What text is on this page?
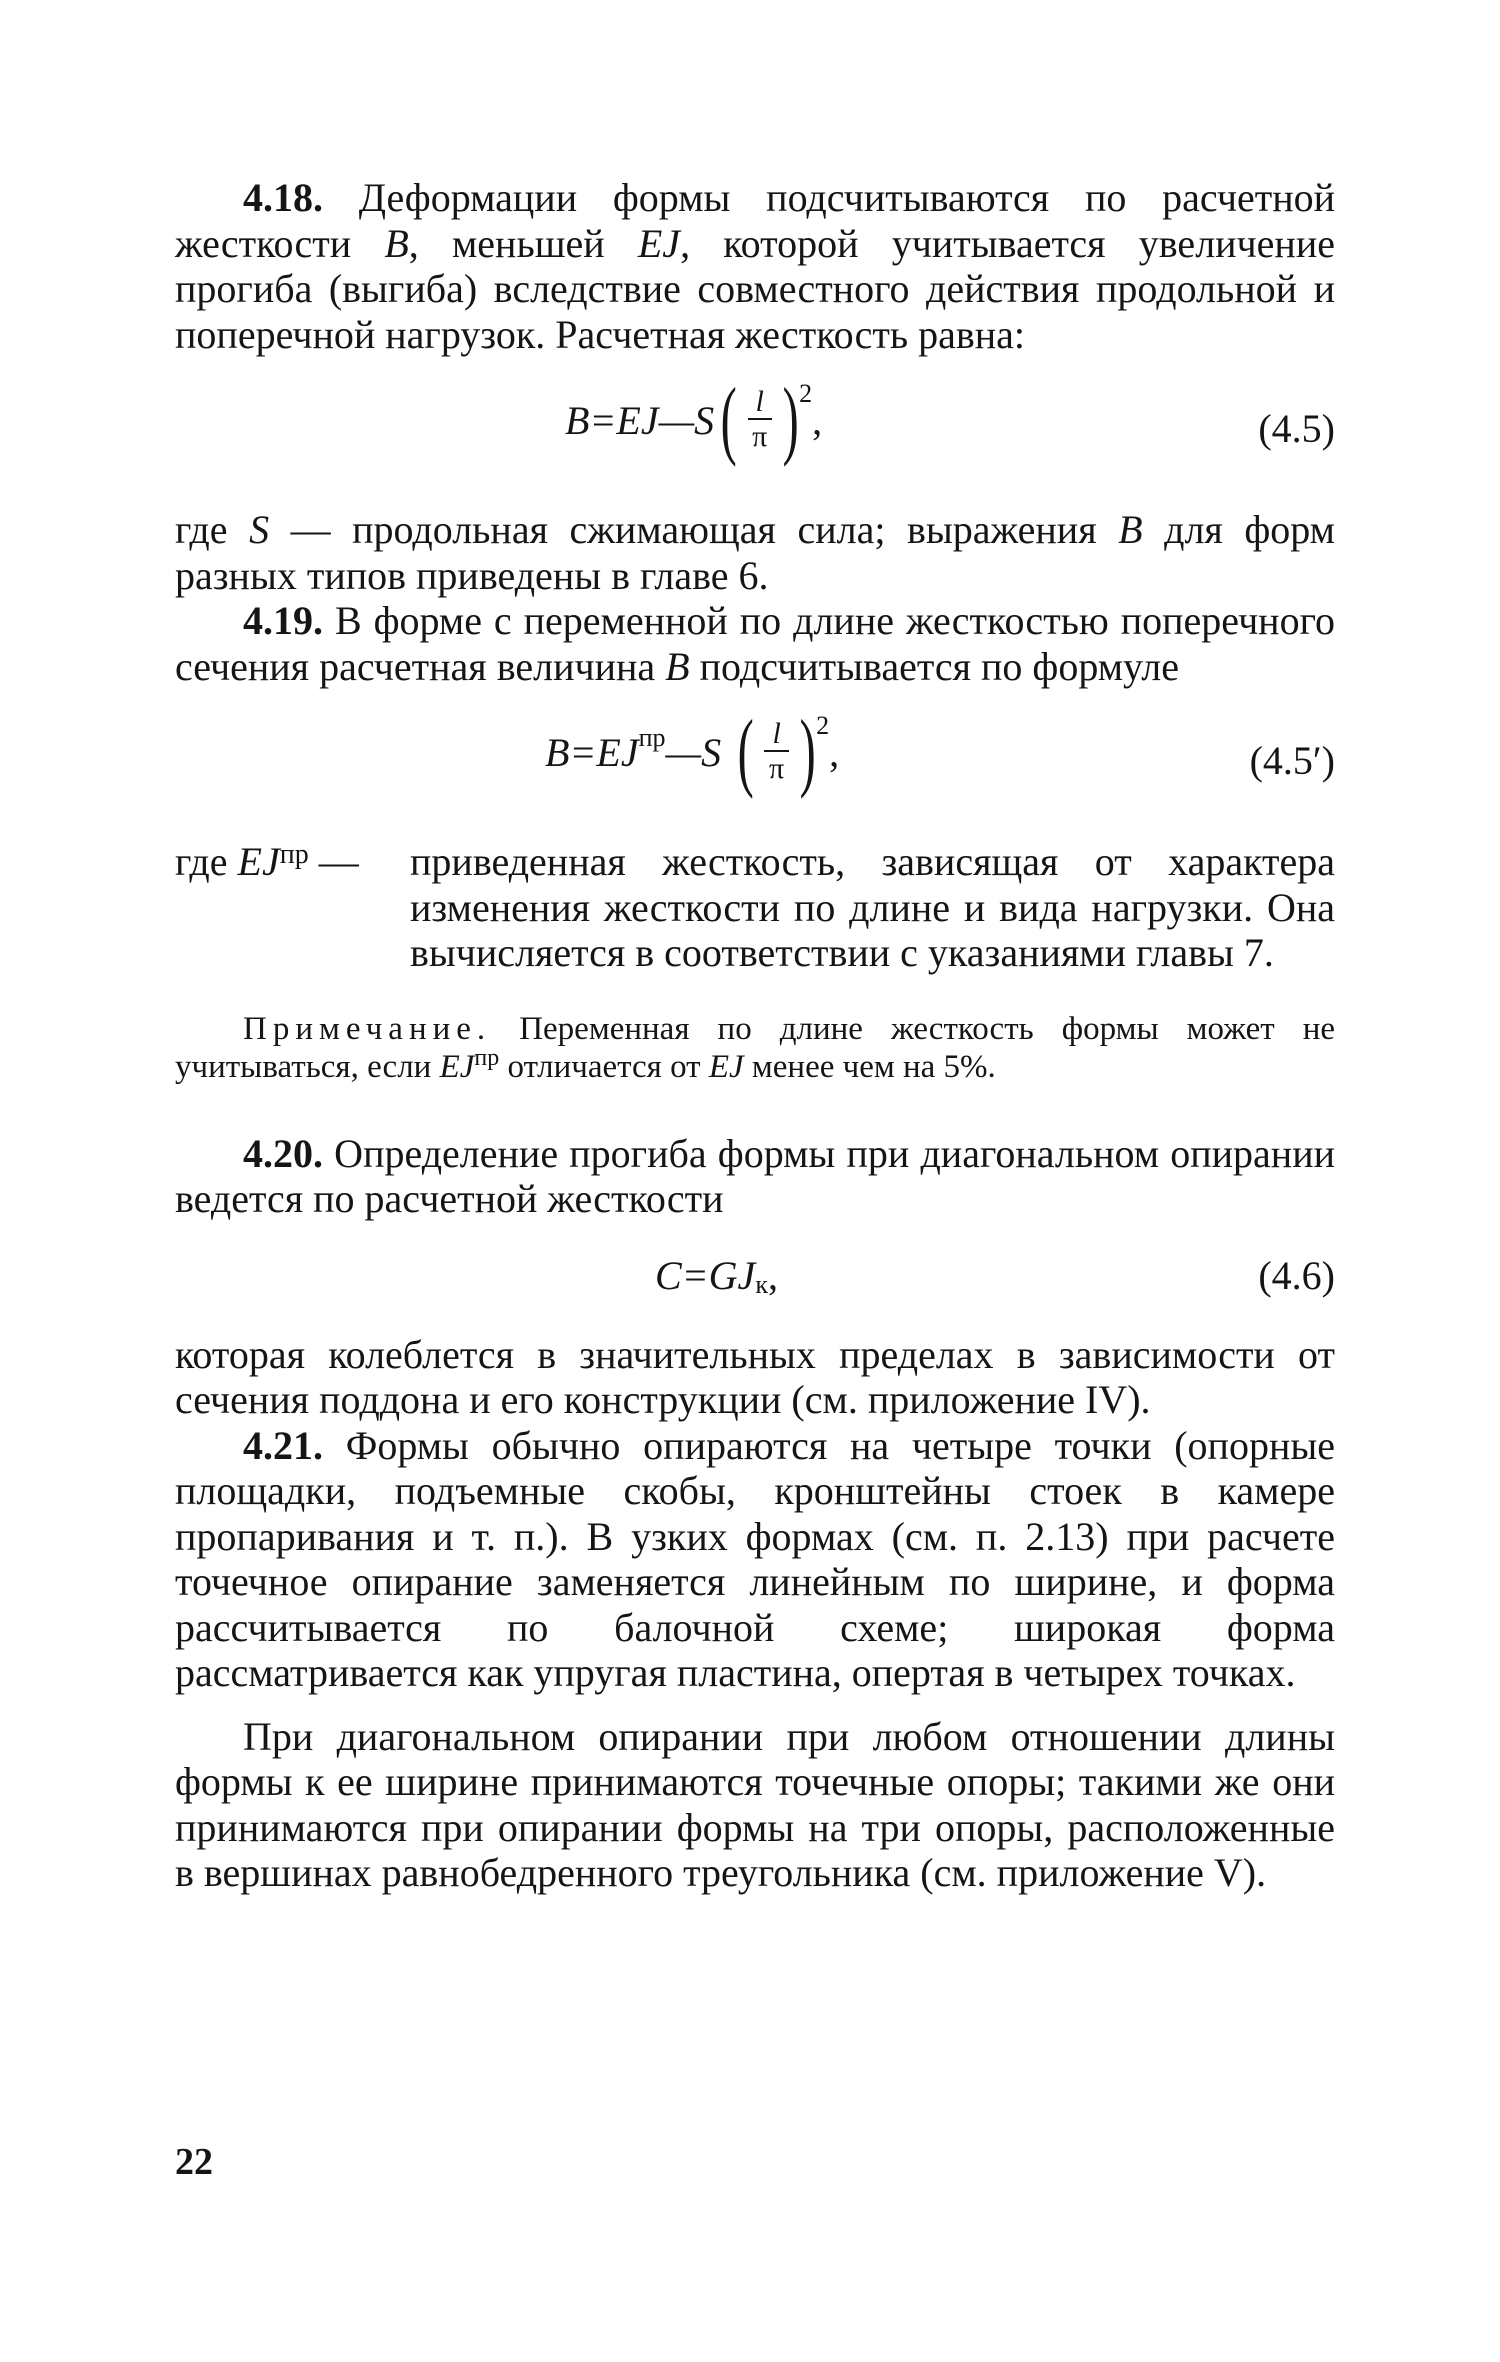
4.18. Деформации формы подсчитываются по расчетной жесткости B, меньшей EJ, которой учитывается увеличение прогиба (выгиба) вследствие совместного действия продольной и поперечной нагрузок. Расчетная жесткость равна:

B=EJ—S ( $\frac{l}{\pi}$ ) 2
,	(4.5)

где S — продольная сжимающая сила; выражения B для форм разных типов приведены в главе 6.

4.19. В форме с переменной по длине жесткостью поперечного сечения расчетная величина B подсчитывается по формуле

B=EJ пр —S ( $\frac{l}{\pi}$ ) 2
,	(4.5′)
где $EJ^{пр}$ — приведенная жесткость, зависящая от характера изменения жесткости по длине и вида нагрузки. Она вычисляется в соответствии с указаниями главы 7.

Примечание. Переменная по длине жесткость формы может не учитываться, если $EJ^{пр}$ отличается от EJ менее чем на 5%.

4.20. Определение прогиба формы при диагональном опирании ведется по расчетной жесткости

C=GJ к ,	(4.6)

которая колеблется в значительных пределах в зависимости от сечения поддона и его конструкции (см. приложение IV).

4.21. Формы обычно опираются на четыре точки (опорные площадки, подъемные скобы, кронштейны стоек в камере пропаривания и т. п.). В узких формах (см. п. 2.13) при расчете точечное опирание заменяется линейным по ширине, и форма рассчитывается по балочной схеме; широкая форма рассматривается как упругая пластина, опертая в четырех точках.

При диагональном опирании при любом отношении длины формы к ее ширине принимаются точечные опоры; такими же они принимаются при опирании формы на три опоры, расположенные в вершинах равнобедренного треугольника (см. приложение V).

22
